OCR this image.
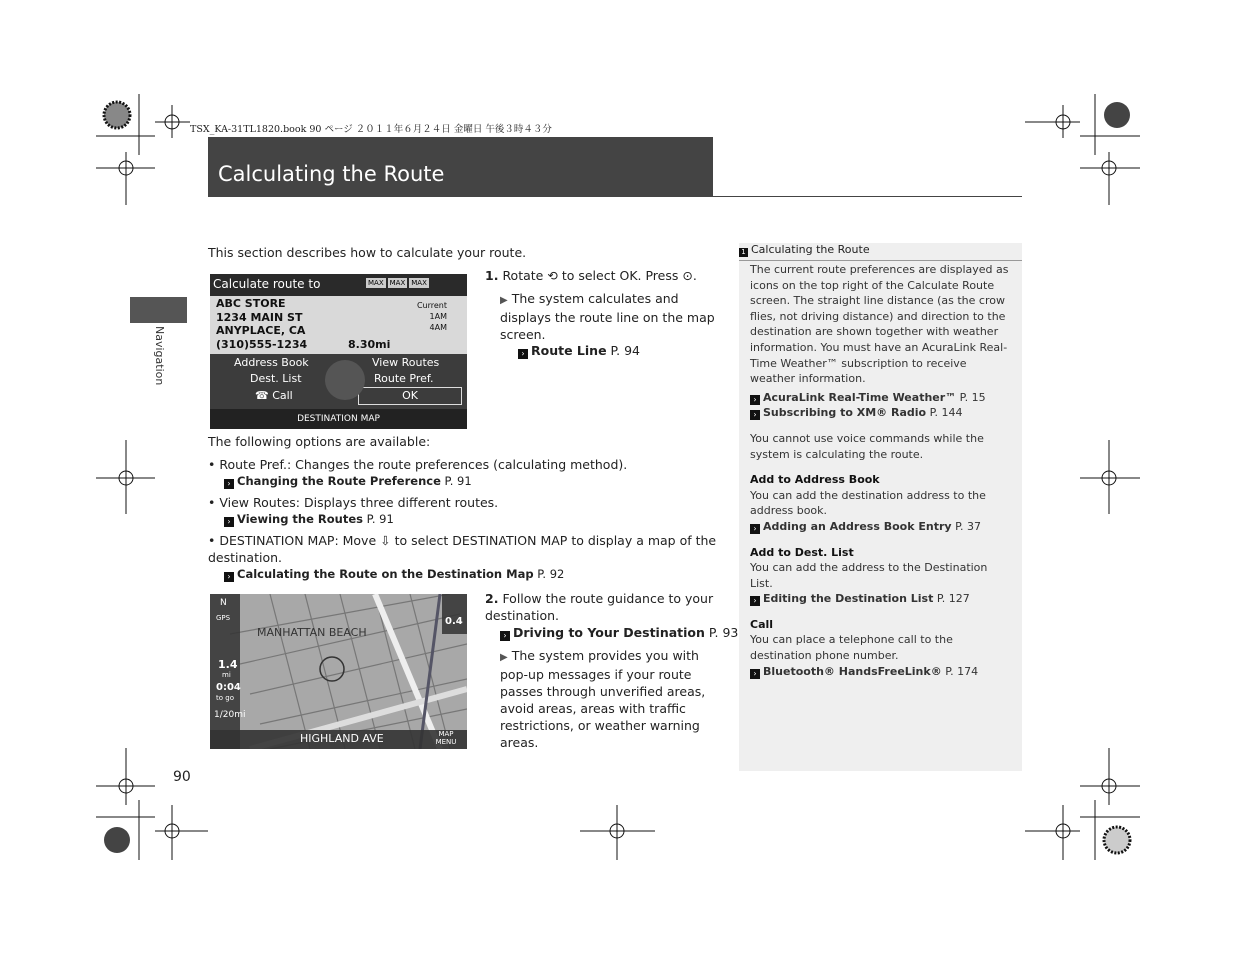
TSX_KA-31TL1820.book 90 ページ ２０１１年６月２４日 金曜日 午後３時４３分
Calculating the Route
Navigation
90
This section describes how to calculate your route.
Calculate route to	MAX MAX MAX
ABC STORE
1234 MAIN ST
ANYPLACE, CA
(310)555-1234	8.30mi
Current
1AM
4AM
Address Book
Dest. List
☎ Call
View Routes
Route Pref.
OK
DESTINATION MAP
1. Rotate ⟲ to select OK. Press ⊙.
▶ The system calculates and displays the route line on the map screen.
› Route Line P. 94
The following options are available:
• Route Pref.: Changes the route preferences (calculating method).
› Changing the Route Preference P. 91
• View Routes: Displays three different routes.
› Viewing the Routes P. 91
• DESTINATION MAP: Move ⇩ to select DESTINATION MAP to display a map of the destination.

› Calculating the Route on the Destination Map P. 92
N
GPS
MANHATTAN BEACH
1.4
mi
0:04
to go
1/20mi
0.4
HIGHLAND AVE	MAP MENU
2. Follow the route guidance to your destination.
› Driving to Your Destination P. 93
▶ The system provides you with pop-up messages if your route passes through unverified areas, avoid areas, areas with traffic restrictions, or weather warning areas.
1 Calculating the Route

The current route preferences are displayed as icons on the top right of the Calculate Route screen. The straight line distance (as the crow flies, not driving distance) and direction to the destination are shown together with weather information. You must have an AcuraLink Real-Time Weather™ subscription to receive weather information.

› AcuraLink Real-Time Weather™ P. 15
› Subscribing to XM® Radio P. 144

You cannot use voice commands while the system is calculating the route.

Add to Address Book
You can add the destination address to the address book.
› Adding an Address Book Entry P. 37
Add to Dest. List
You can add the address to the Destination List.
› Editing the Destination List P. 127
Call
You can place a telephone call to the destination phone number.
› Bluetooth® HandsFreeLink® P. 174
